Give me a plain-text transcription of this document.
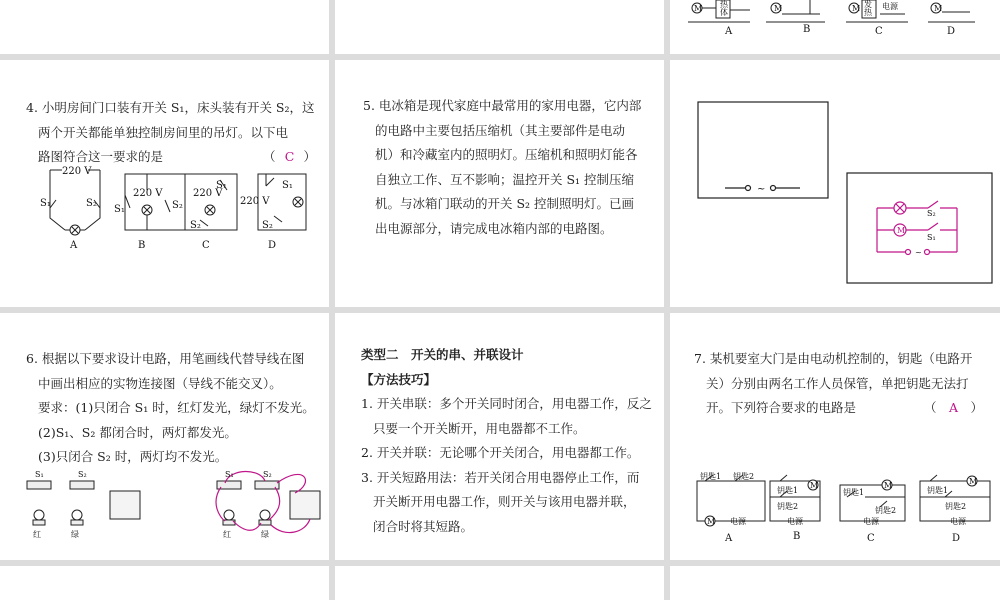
热
体	M
M	M	M
发
热
电源
A	B	C	D
4. 小明房间门口装有开关 S₁，床头装有开关 S₂，这
两个开关都能单独控制房间里的吊灯。以下电
路图符合这一要求的是	（ C ）
220 V
220 V	220 V
220 V
S₁	S₂
S₁	S₂
S₁
S₂
S₁
S₂
A	B	C	D
5. 电冰箱是现代家庭中最常用的家用电器，它内部
的电路中主要包括压缩机（其主要部件是电动
机）和冷藏室内的照明灯。压缩机和照明灯能各
自独立工作、互不影响；温控开关 S₁ 控制压缩
机。与冰箱门联动的开关 S₂ 控制照明灯。已画
出电源部分，请完成电冰箱内部的电路图。
~
M
S₂
S₁
~
6. 根据以下要求设计电路，用笔画线代替导线在图
中画出相应的实物连接图（导线不能交叉）。
要求：(1)只闭合 S₁ 时，红灯发光，绿灯不发光。
(2)S₁、S₂ 都闭合时，两灯都发光。
(3)只闭合 S₂ 时，两灯均不发光。
S₁	S₂
红	绿
S₁	S₂
红	绿
类型二　开关的串、并联设计
【方法技巧】
1. 开关串联：多个开关同时闭合，用电器工作，反之
只要一个开关断开，用电器都不工作。
2. 开关并联：无论哪个开关闭合，用电器都工作。
3. 开关短路用法：若开关闭合用电器停止工作，而
开关断开用电器工作，则开关与该用电器并联，
闭合时将其短路。
7. 某机要室大门是由电动机控制的，钥匙（电路开
关）分别由两名工作人员保管，单把钥匙无法打
开。下列符合要求的电路是	（ A ）
M
M	M	M
钥匙1 钥匙2
电源
钥匙1
钥匙2
电源
钥匙1
钥匙2
电源
钥匙1
钥匙2
电源
A	B	C	D
